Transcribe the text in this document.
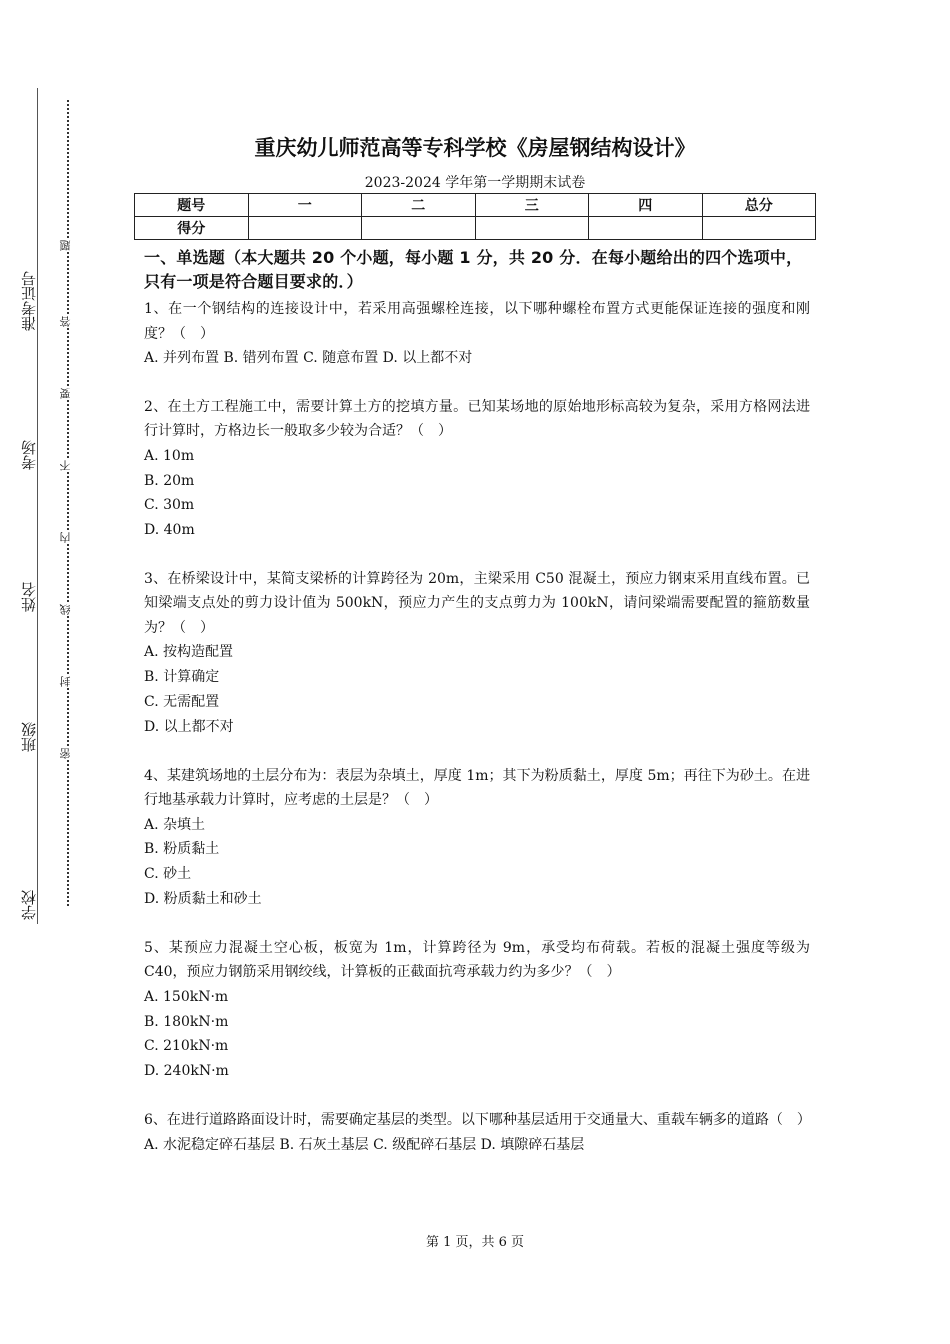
准考证号
考场
姓名
班级
学校
题
答
要
不
内
线
封
密
重庆幼儿师范高等专科学校《房屋钢结构设计》
2023-2024 学年第一学期期末试卷
题号	一	二	三	四	总分
得分					
一、单选题（本大题共 20 个小题，每小题 1 分，共 20 分．在每小题给出的四个选项中，只有一项是符合题目要求的．）
1、在一个钢结构的连接设计中，若采用高强螺栓连接，以下哪种螺栓布置方式更能保证连接的强度和刚度？（　）
A. 并列布置 B. 错列布置 C. 随意布置 D. 以上都不对
2、在土方工程施工中，需要计算土方的挖填方量。已知某场地的原始地形标高较为复杂，采用方格网法进行计算时，方格边长一般取多少较为合适？（　）
A. 10m
B. 20m
C. 30m
D. 40m
3、在桥梁设计中，某简支梁桥的计算跨径为 20m，主梁采用 C50 混凝土，预应力钢束采用直线布置。已知梁端支点处的剪力设计值为 500kN，预应力产生的支点剪力为 100kN，请问梁端需要配置的箍筋数量为？（　）
A. 按构造配置
B. 计算确定
C. 无需配置
D. 以上都不对
4、某建筑场地的土层分布为：表层为杂填土，厚度 1m；其下为粉质黏土，厚度 5m；再往下为砂土。在进行地基承载力计算时，应考虑的土层是？（　）
A. 杂填土
B. 粉质黏土
C. 砂土
D. 粉质黏土和砂土
5、某预应力混凝土空心板，板宽为 1m，计算跨径为 9m，承受均布荷载。若板的混凝土强度等级为 C40，预应力钢筋采用钢绞线，计算板的正截面抗弯承载力约为多少？（　）
A. 150kN·m
B. 180kN·m
C. 210kN·m
D. 240kN·m
6、在进行道路路面设计时，需要确定基层的类型。以下哪种基层适用于交通量大、重载车辆多的道路（　）
A. 水泥稳定碎石基层 B. 石灰土基层 C. 级配碎石基层 D. 填隙碎石基层
第 1 页，共 6 页
